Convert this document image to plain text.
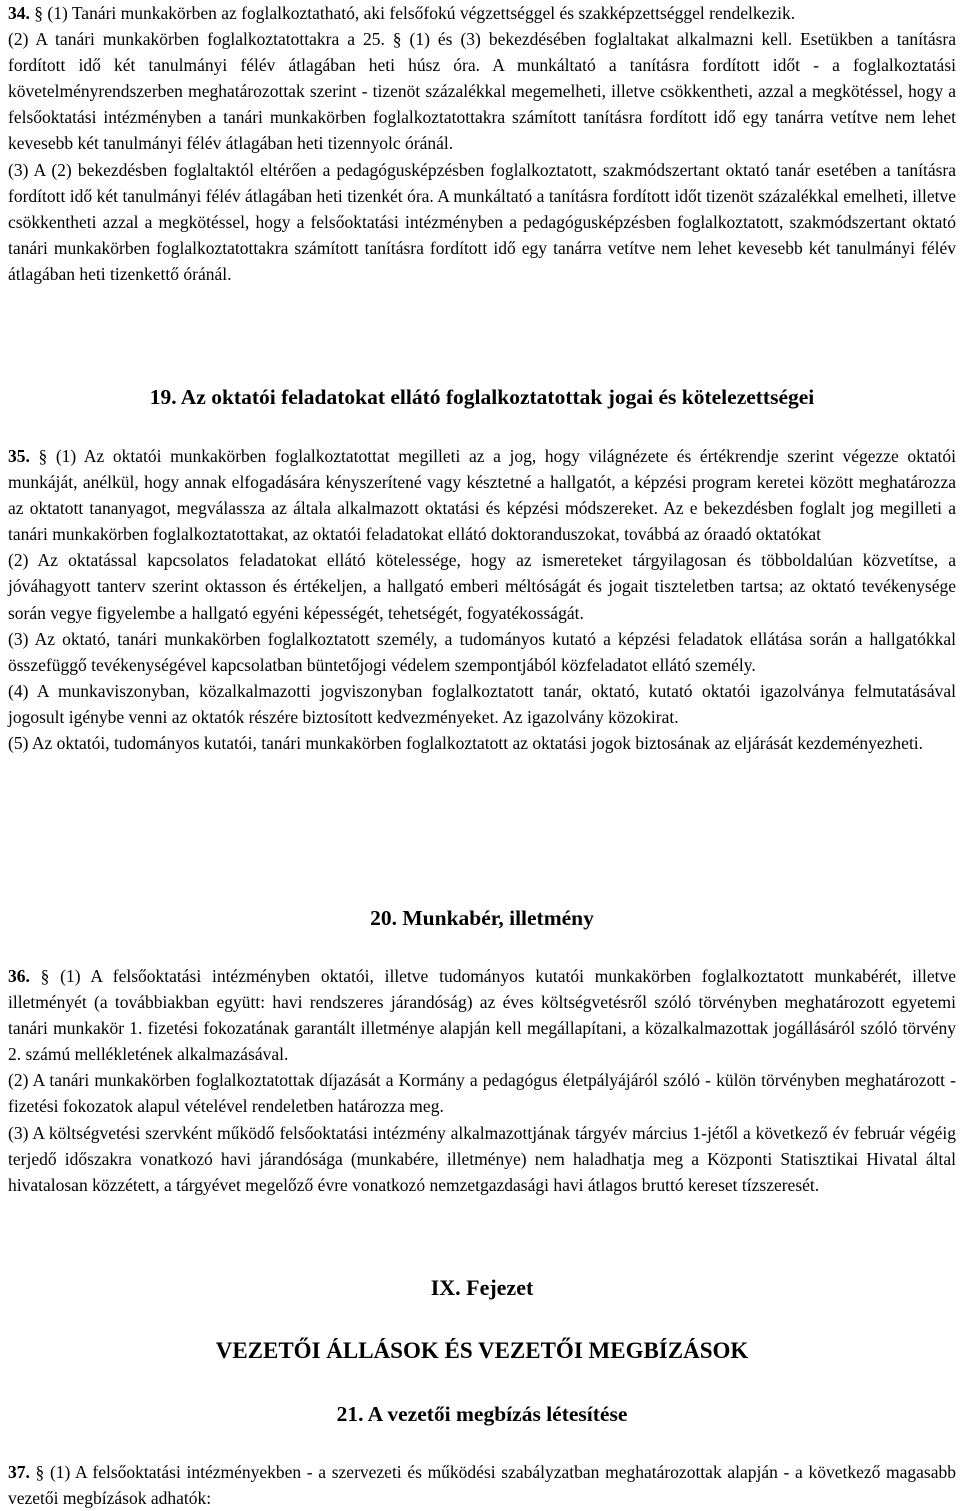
34. § (1) Tanári munkakörben az foglalkoztatható, aki felsőfokú végzettséggel és szakképzettséggel rendelkezik.

(2) A tanári munkakörben foglalkoztatottakra a 25. § (1) és (3) bekezdésében foglaltakat alkalmazni kell. Esetükben a tanításra fordított idő két tanulmányi félév átlagában heti húsz óra. A munkáltató a tanításra fordított időt - a foglalkoztatási követelményrendszerben meghatározottak szerint - tizenöt százalékkal megemelheti, illetve csökkentheti, azzal a megkötéssel, hogy a felsőoktatási intézményben a tanári munkakörben foglalkoztatottakra számított tanításra fordított idő egy tanárra vetítve nem lehet kevesebb két tanulmányi félév átlagában heti tizennyolc óránál.

(3) A (2) bekezdésben foglaltaktól eltérően a pedagógusképzésben foglalkoztatott, szakmódszertant oktató tanár esetében a tanításra fordított idő két tanulmányi félév átlagában heti tizenkét óra. A munkáltató a tanításra fordított időt tizenöt százalékkal emelheti, illetve csökkentheti azzal a megkötéssel, hogy a felsőoktatási intézményben a pedagógusképzésben foglalkoztatott, szakmódszertant oktató tanári munkakörben foglalkoztatottakra számított tanításra fordított idő egy tanárra vetítve nem lehet kevesebb két tanulmányi félév átlagában heti tizenkettő óránál.

19. Az oktatói feladatokat ellátó foglalkoztatottak jogai és kötelezettségei

35. § (1) Az oktatói munkakörben foglalkoztatottat megilleti az a jog, hogy világnézete és értékrendje szerint végezze oktatói munkáját, anélkül, hogy annak elfogadására kényszerítené vagy késztetné a hallgatót, a képzési program keretei között meghatározza az oktatott tananyagot, megválassza az általa alkalmazott oktatási és képzési módszereket. Az e bekezdésben foglalt jog megilleti a tanári munkakörben foglalkoztatottakat, az oktatói feladatokat ellátó doktoranduszokat, továbbá az óraadó oktatókat

(2) Az oktatással kapcsolatos feladatokat ellátó kötelessége, hogy az ismereteket tárgyilagosan és többoldalúan közvetítse, a jóváhagyott tanterv szerint oktasson és értékeljen, a hallgató emberi méltóságát és jogait tiszteletben tartsa; az oktató tevékenysége során vegye figyelembe a hallgató egyéni képességét, tehetségét, fogyatékosságát.

(3) Az oktató, tanári munkakörben foglalkoztatott személy, a tudományos kutató a képzési feladatok ellátása során a hallgatókkal összefüggő tevékenységével kapcsolatban büntetőjogi védelem szempontjából közfeladatot ellátó személy.

(4) A munkaviszonyban, közalkalmazotti jogviszonyban foglalkoztatott tanár, oktató, kutató oktatói igazolványa felmutatásával jogosult igénybe venni az oktatók részére biztosított kedvezményeket. Az igazolvány közokirat.

(5) Az oktatói, tudományos kutatói, tanári munkakörben foglalkoztatott az oktatási jogok biztosának az eljárását kezdeményezheti.

20. Munkabér, illetmény

36. § (1) A felsőoktatási intézményben oktatói, illetve tudományos kutatói munkakörben foglalkoztatott munkabérét, illetve illetményét (a továbbiakban együtt: havi rendszeres járandóság) az éves költségvetésről szóló törvényben meghatározott egyetemi tanári munkakör 1. fizetési fokozatának garantált illetménye alapján kell megállapítani, a közalkalmazottak jogállásáról szóló törvény 2. számú mellékletének alkalmazásával.

(2) A tanári munkakörben foglalkoztatottak díjazását a Kormány a pedagógus életpályájáról szóló - külön törvényben meghatározott - fizetési fokozatok alapul vételével rendeletben határozza meg.

(3) A költségvetési szervként működő felsőoktatási intézmény alkalmazottjának tárgyév március 1-jétől a következő év február végéig terjedő időszakra vonatkozó havi járandósága (munkabére, illetménye) nem haladhatja meg a Központi Statisztikai Hivatal által hivatalosan közzétett, a tárgyévet megelőző évre vonatkozó nemzetgazdasági havi átlagos bruttó kereset tízszeresét.

IX. Fejezet
VEZETŐI ÁLLÁSOK ÉS VEZETŐI MEGBÍZÁSOK
21. A vezetői megbízás létesítése

37. § (1) A felsőoktatási intézményekben - a szervezeti és működési szabályzatban meghatározottak alapján - a következő magasabb vezetői megbízások adhatók:
